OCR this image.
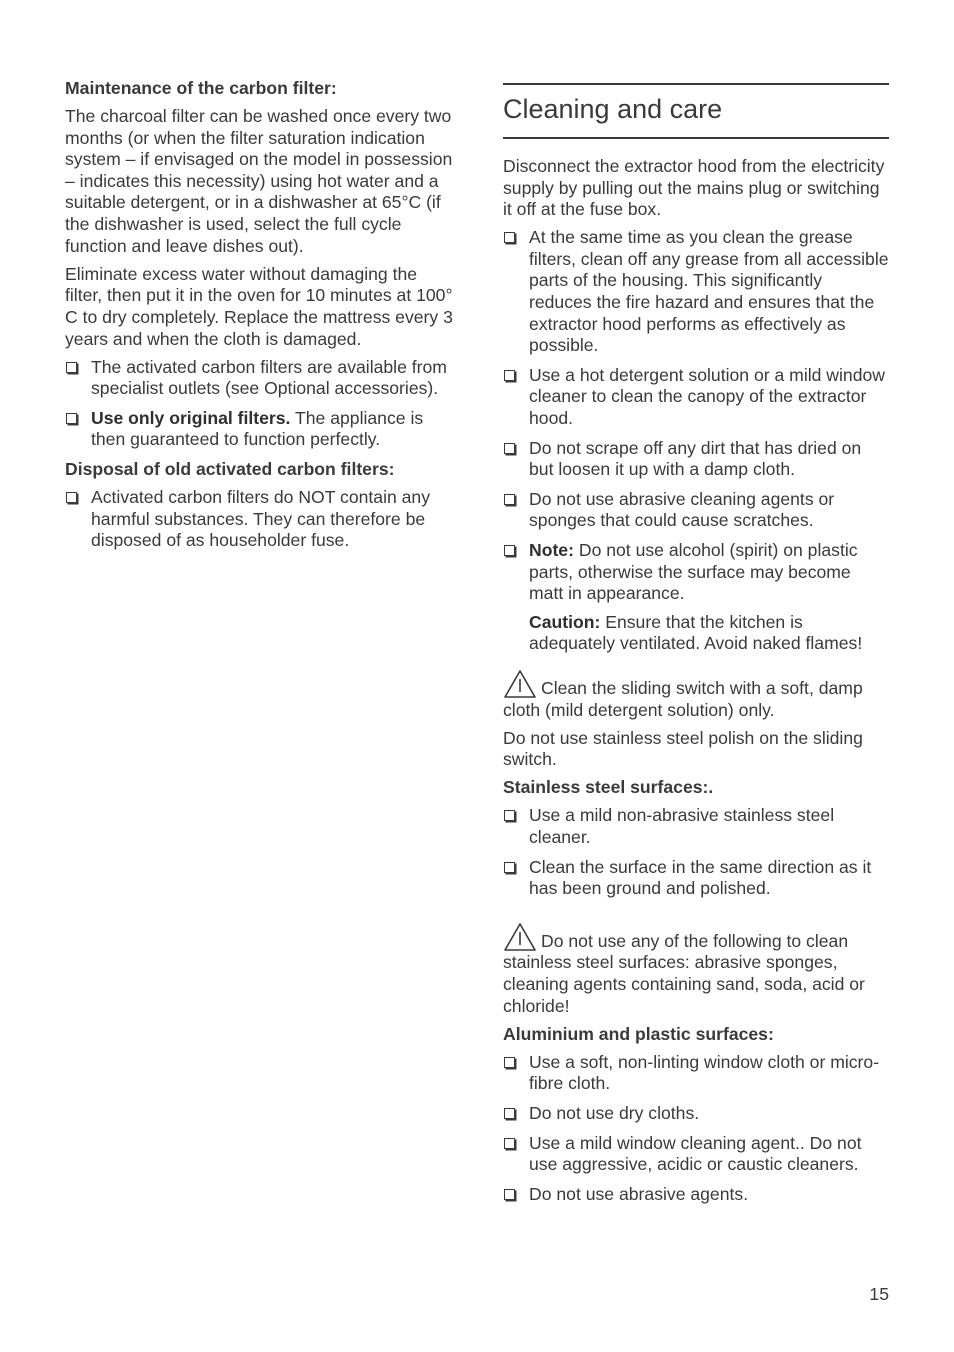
Maintenance of the carbon filter:

The charcoal filter can be washed once every two months (or when the filter saturation indication system – if envisaged on the model in possession – indicates this necessity) using hot water and a suitable detergent, or in a dishwasher at 65°C (if the dishwasher is used, select the full cycle function and leave dishes out).

Eliminate excess water without damaging the filter, then put it in the oven for 10 minutes at 100° C to dry completely. Replace the mattress every 3 years and when the cloth is damaged.

The activated carbon filters are available from specialist outlets (see Optional accessories).
Use only original filters. The appliance is then guaranteed to function perfectly.
Disposal of old activated carbon filters:
Activated carbon filters do NOT contain any harmful substances. They can therefore be disposed of as householder fuse.
Cleaning and care

Disconnect the extractor hood from the electricity supply by pulling out the mains plug or switching it off at the fuse box.

At the same time as you clean the grease filters, clean off any grease from all accessible parts of the housing. This significantly reduces the fire hazard and ensures that the extractor hood performs as effectively as possible.
Use a hot detergent solution or a mild window cleaner to clean the canopy of the extractor hood.
Do not scrape off any dirt that has dried on but loosen it up with a damp cloth.
Do not use abrasive cleaning agents or sponges that could cause scratches.
Note: Do not use alcohol (spirit) on plastic parts, otherwise the surface may become matt in appearance.

Caution: Ensure that the kitchen is adequately ventilated. Avoid naked flames!

Clean the sliding switch with a soft, damp cloth (mild detergent solution) only.

Do not use stainless steel polish on the sliding switch.

Stainless steel surfaces:.
Use a mild non-abrasive stainless steel cleaner.
Clean the surface in the same direction as it has been ground and polished.

Do not use any of the following to clean stainless steel surfaces: abrasive sponges, cleaning agents containing sand, soda, acid or chloride!

Aluminium and plastic surfaces:
Use a soft, non-linting window cloth or micro-fibre cloth.
Do not use dry cloths.
Use a mild window cleaning agent.. Do not use aggressive, acidic or caustic cleaners.
Do not use abrasive agents.
15
